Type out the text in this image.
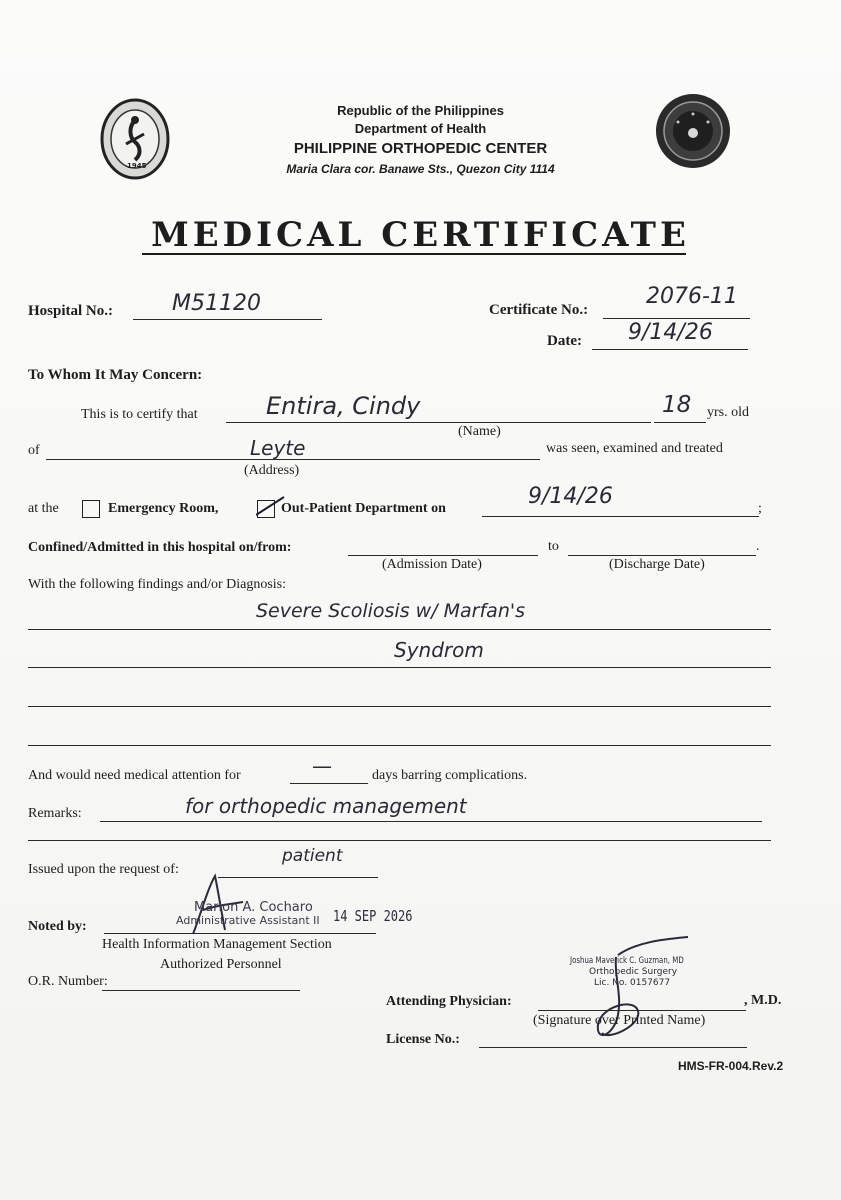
1945
Republic of the Philippines
Department of Health
PHILIPPINE ORTHOPEDIC CENTER
Maria Clara cor. Banawe Sts., Quezon City 1114
MEDICAL CERTIFICATE
Hospital No.:	M51120	Certificate No.:
2076-11
Date: 9/14/26
To Whom It May Concern:
This is to certify that	Entira, Cindy
(Name)
18 yrs. old
of	Leyte
(Address)
was seen, examined and treated
at the	Emergency Room,	Out-Patient Department on	9/14/26	;
Confined/Admitted in this hospital on/from:	to	.
(Admission Date)	(Discharge Date)
With the following findings and/or Diagnosis:
Severe Scoliosis w/ Marfan's
Syndrom
And would need medical attention for	—	days barring complications.
Remarks:	for orthopedic management
Issued upon the request of:
patient
Noted by:
Marlon A. Cocharo
Administrative Assistant II 14 SEP 2026
Health Information Management Section
Authorized Personnel
O.R. Number:
Joshua Maverick C. Guzman, MD
Orthopedic Surgery
Lic. No. 0157677
Attending Physician:	, M.D.
(Signature over Printed Name)
License No.:
HMS-FR-004.Rev.2
